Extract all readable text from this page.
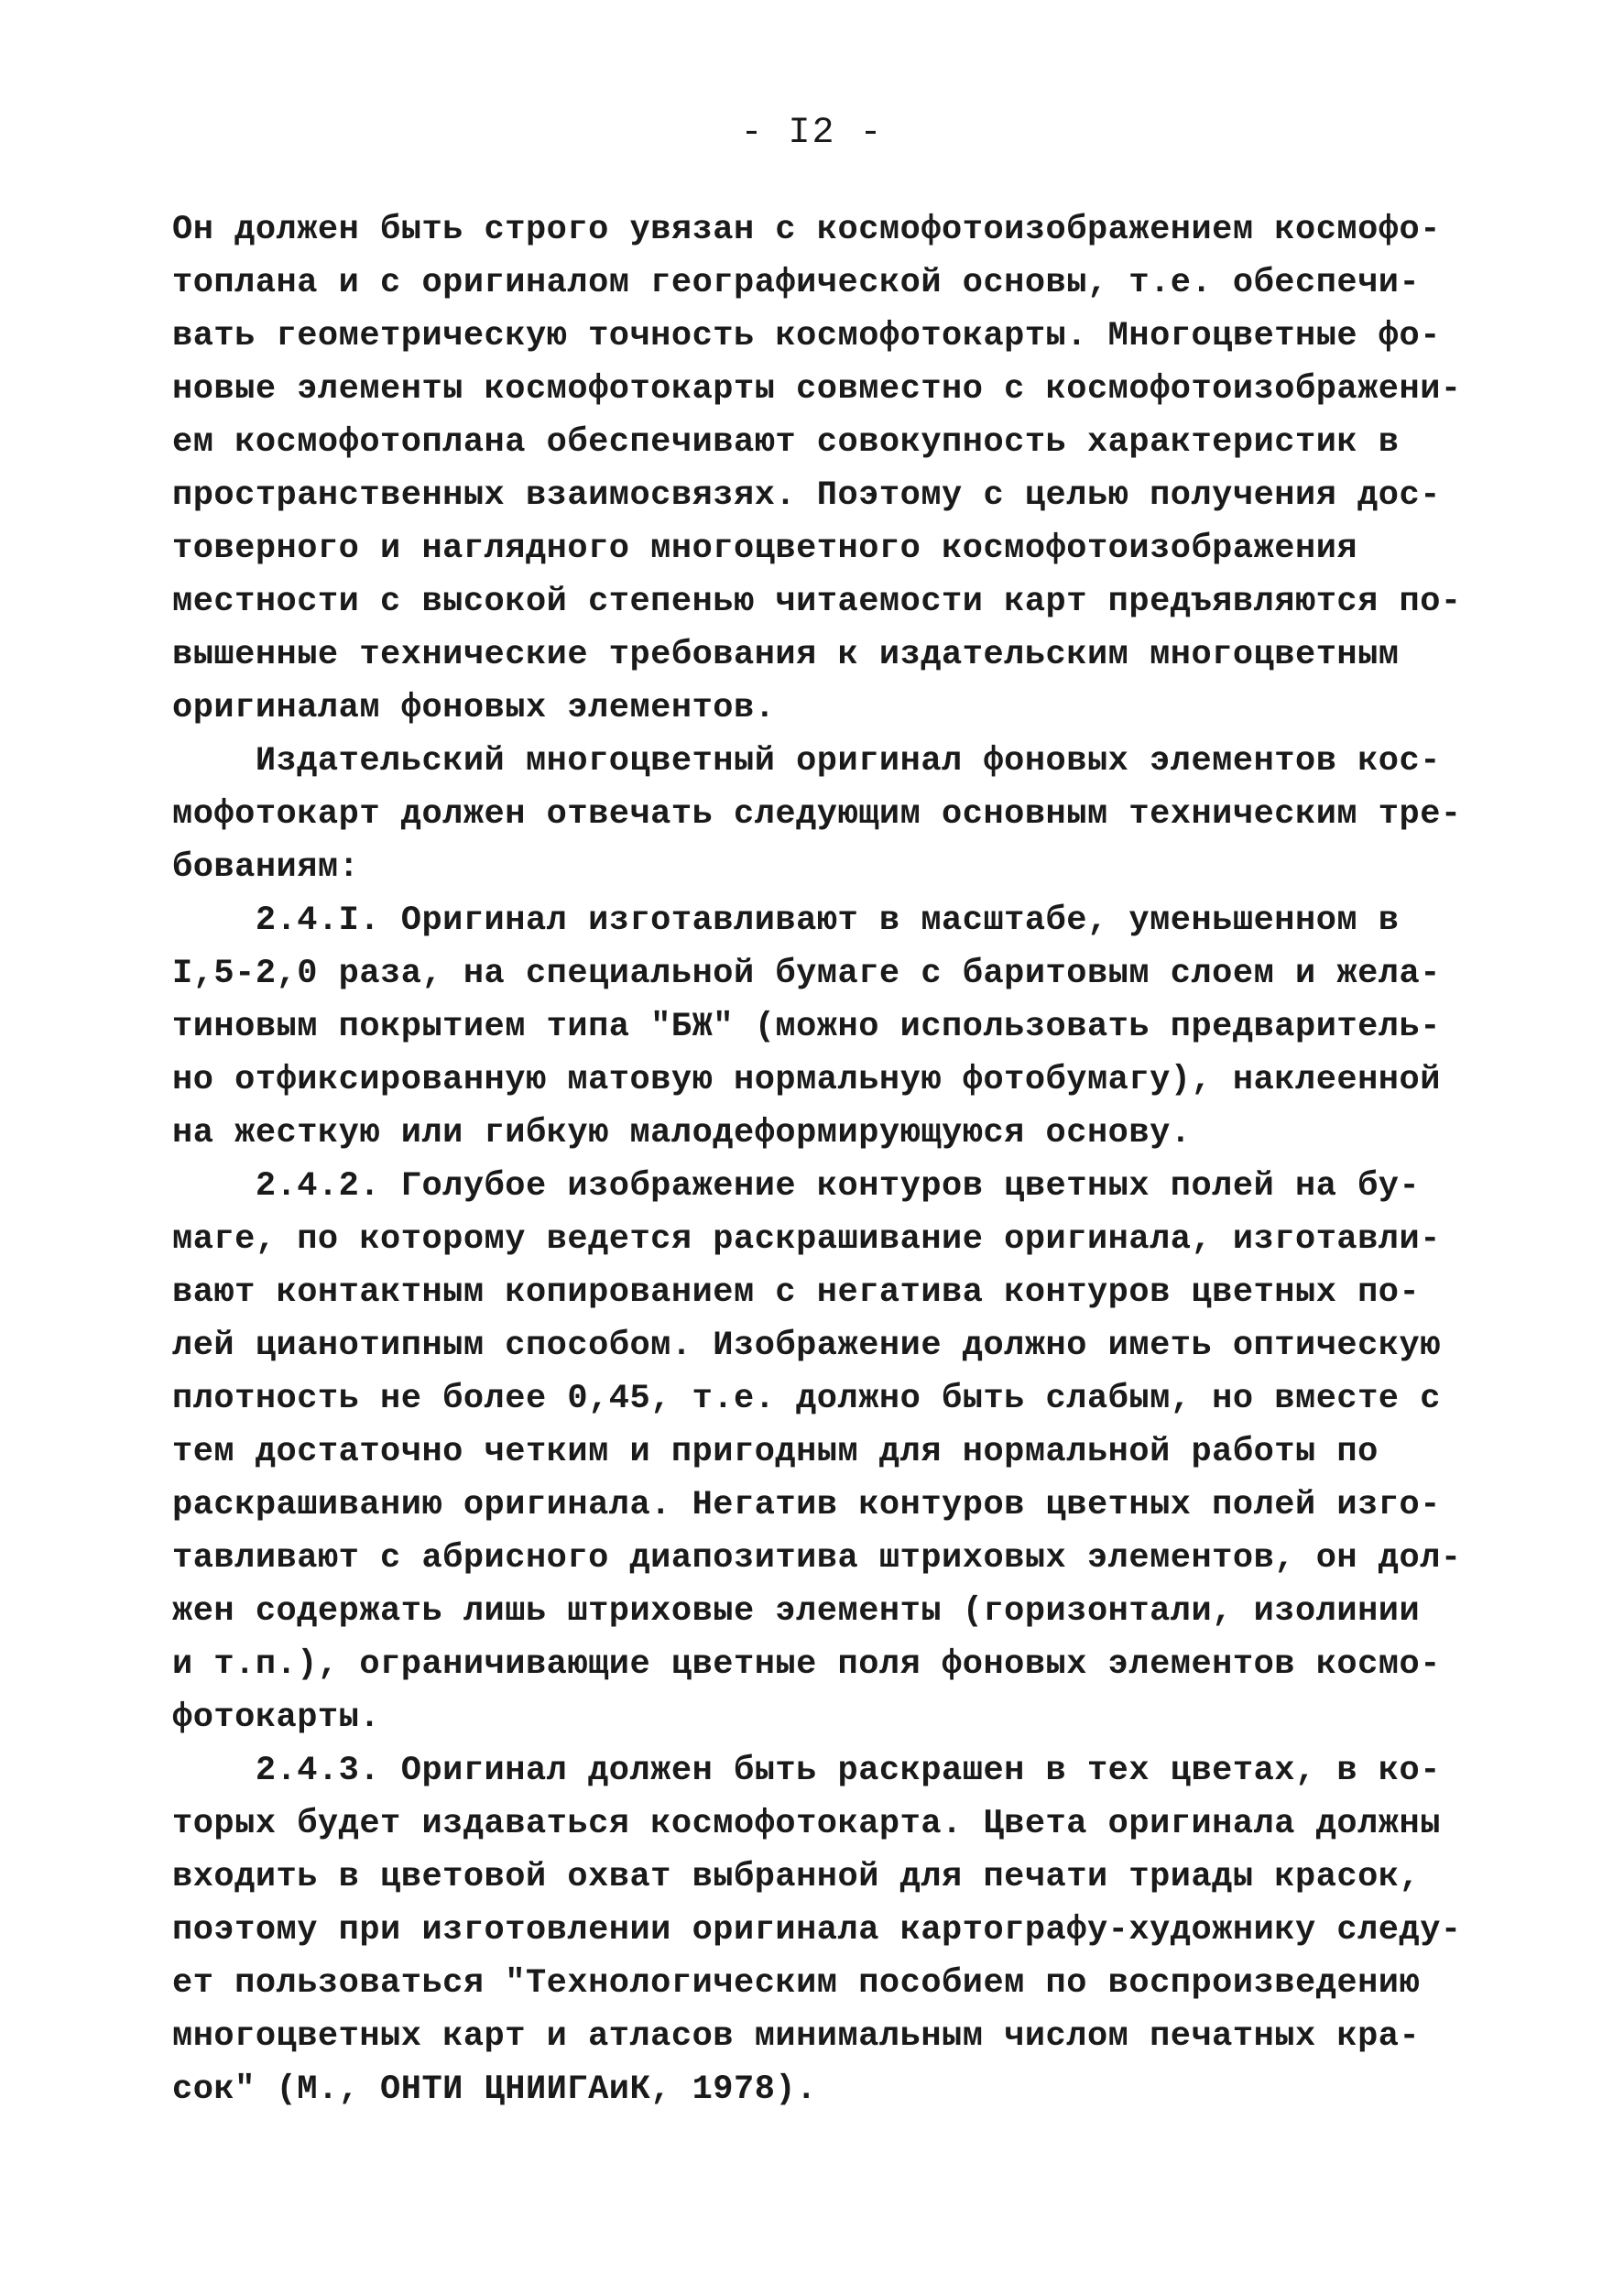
- I2 -
Он должен быть строго увязан с космофотоизображением космофо-
топлана и с оригиналом географической основы, т.е. обеспечи-
вать геометрическую точность космофотокарты. Многоцветные фо-
новые элементы космофотокарты совместно с космофотоизображени-
ем космофотоплана обеспечивают совокупность характеристик в
пространственных взаимосвязях. Поэтому с целью получения дос-
товерного и наглядного многоцветного космофотоизображения
местности с высокой степенью читаемости карт предъявляются по-
вышенные технические требования к издательским многоцветным
оригиналам фоновых элементов.
Издательский многоцветный оригинал фоновых элементов кос-
мофотокарт должен отвечать следующим основным техническим тре-
бованиям:
2.4.I. Оригинал изготавливают в масштабе, уменьшенном в
I,5-2,0 раза, на специальной бумаге с баритовым слоем и жела-
тиновым покрытием типа "БЖ" (можно использовать предваритель-
но отфиксированную матовую нормальную фотобумагу), наклеенной
на жесткую или гибкую малодеформирующуюся основу.
2.4.2. Голубое изображение контуров цветных полей на бу-
маге, по которому ведется раскрашивание оригинала, изготавли-
вают контактным копированием с негатива контуров цветных по-
лей цианотипным способом. Изображение должно иметь оптическую
плотность не более 0,45, т.е. должно быть слабым, но вместе с
тем достаточно четким и пригодным для нормальной работы по
раскрашиванию оригинала. Негатив контуров цветных полей изго-
тавливают с абрисного диапозитива штриховых элементов, он дол-
жен содержать лишь штриховые элементы (горизонтали, изолинии
и т.п.), ограничивающие цветные поля фоновых элементов космо-
фотокарты.
2.4.3. Оригинал должен быть раскрашен в тех цветах, в ко-
торых будет издаваться космофотокарта. Цвета оригинала должны
входить в цветовой охват выбранной для печати триады красок,
поэтому при изготовлении оригинала картографу-художнику следу-
ет пользоваться "Технологическим пособием по воспроизведению
многоцветных карт и атласов минимальным числом печатных кра-
сок" (М., ОНТИ ЦНИИГАиК, 1978).
